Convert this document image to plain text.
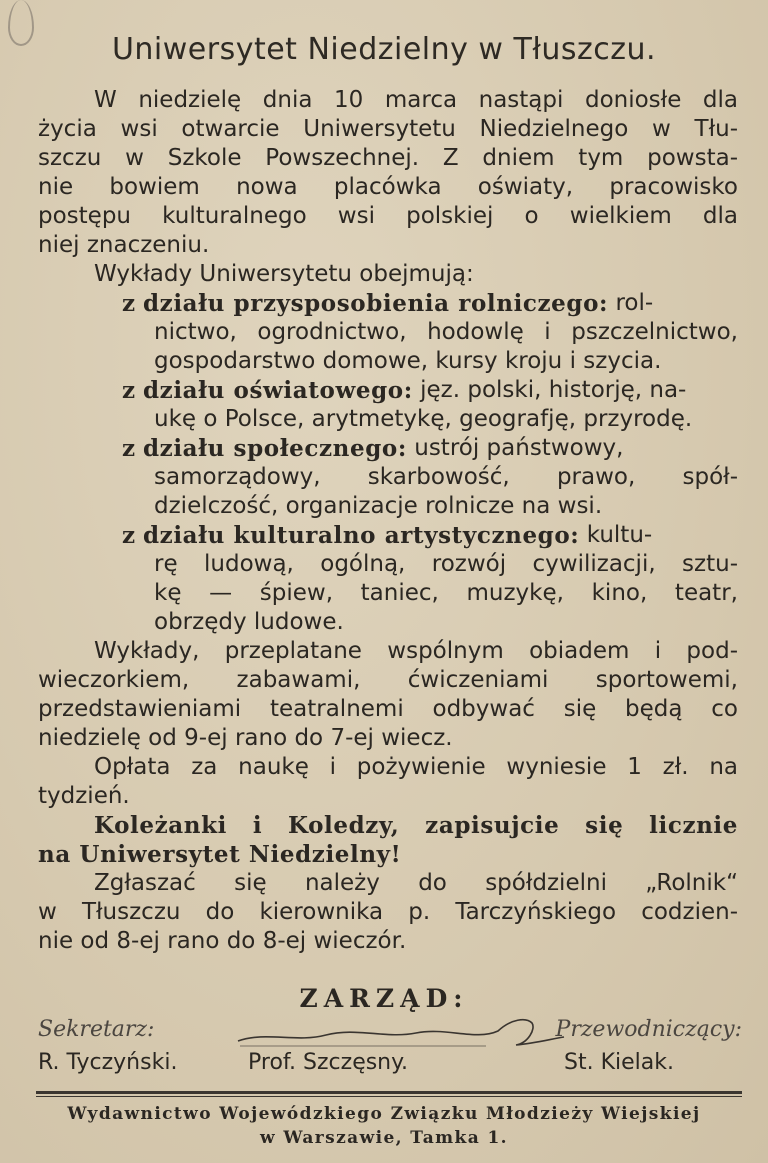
Uniwersytet Niedzielny w Tłuszczu.
W niedzielę dnia 10 marca nastąpi doniosłe dla
życia wsi otwarcie Uniwersytetu Niedzielnego w Tłu-
szczu w Szkole Powszechnej. Z dniem tym powsta-
nie bowiem nowa placówka oświaty, pracowisko
postępu kulturalnego wsi polskiej o wielkiem dla
niej znaczeniu.
Wykłady Uniwersytetu obejmują:
z
działu przysposobienia rolniczego:
rol-
nictwo, ogrodnictwo, hodowlę i pszczelnictwo,
gospodarstwo domowe, kursy kroju i szycia.
z
działu oświatowego:
jęz. polski, historję, na-
ukę o Polsce, arytmetykę, geografję, przyrodę.
z
działu społecznego:
ustrój państwowy,
samorządowy, skarbowość, prawo, spół-
dzielczość, organizacje rolnicze na wsi.
z
działu kulturalno artystycznego:
kultu-
rę ludową, ogólną, rozwój cywilizacji, sztu-
kę — śpiew, taniec, muzykę, kino, teatr,
obrzędy ludowe.
Wykłady, przeplatane wspólnym obiadem i pod-
wieczorkiem, zabawami, ćwiczeniami sportowemi,
przedstawieniami teatralnemi odbywać się będą co
niedzielę od 9-ej rano do 7-ej wiecz.
Opłata za naukę i pożywienie wyniesie 1 zł. na
tydzień.
Koleżanki i Koledzy, zapisujcie się licznie
na Uniwersytet Niedzielny!
Zgłaszać się należy do spółdzielni „Rolnik“
w Tłuszczu do kierownika p. Tarczyńskiego codzien-
nie od 8-ej rano do 8-ej wieczór.
ZARZĄD:
Sekretarz:	Przewodniczący:
R. Tyczyński.	Prof. Szczęsny.	St. Kielak.
Wydawnictwo Wojewódzkiego Związku Młodzieży Wiejskiej
w Warszawie, Tamka 1.
